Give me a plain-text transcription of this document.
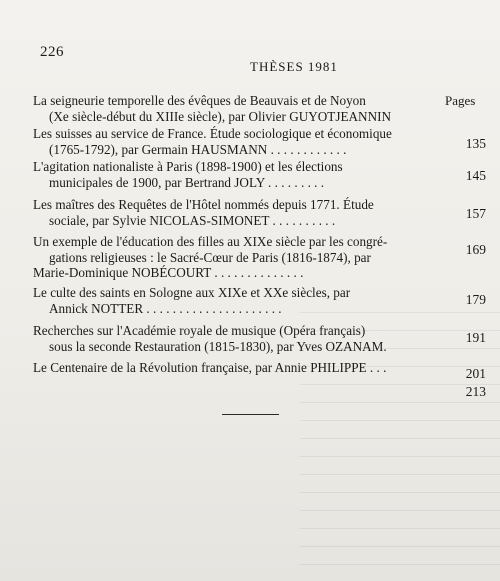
226
THÈSES 1981
Pages
La seigneurie temporelle des évêques de Beauvais et de Noyon
(Xe siècle-début du XIIIe siècle), par Olivier GUYOTJEANNIN
135
Les suisses au service de France. Étude sociologique et économique
(1765-1792), par Germain HAUSMANN . . . . . . . . . . . .
145
L'agitation nationaliste à Paris (1898-1900) et les élections
municipales de 1900, par Bertrand JOLY . . . . . . . . .
157
Les maîtres des Requêtes de l'Hôtel nommés depuis 1771. Étude
sociale, par Sylvie NICOLAS-SIMONET . . . . . . . . . .
169
Un exemple de l'éducation des filles au XIXe siècle par les congré-
gations religieuses : le Sacré-Cœur de Paris (1816-1874), par
Marie-Dominique NOBÉCOURT . . . . . . . . . . . . . .
179
Le culte des saints en Sologne aux XIXe et XXe siècles, par
Annick NOTTER . . . . . . . . . . . . . . . . . . . . .
191
Recherches sur l'Académie royale de musique (Opéra français)
sous la seconde Restauration (1815-1830), par Yves OZANAM.
201
Le Centenaire de la Révolution française, par Annie PHILIPPE . . .
213
